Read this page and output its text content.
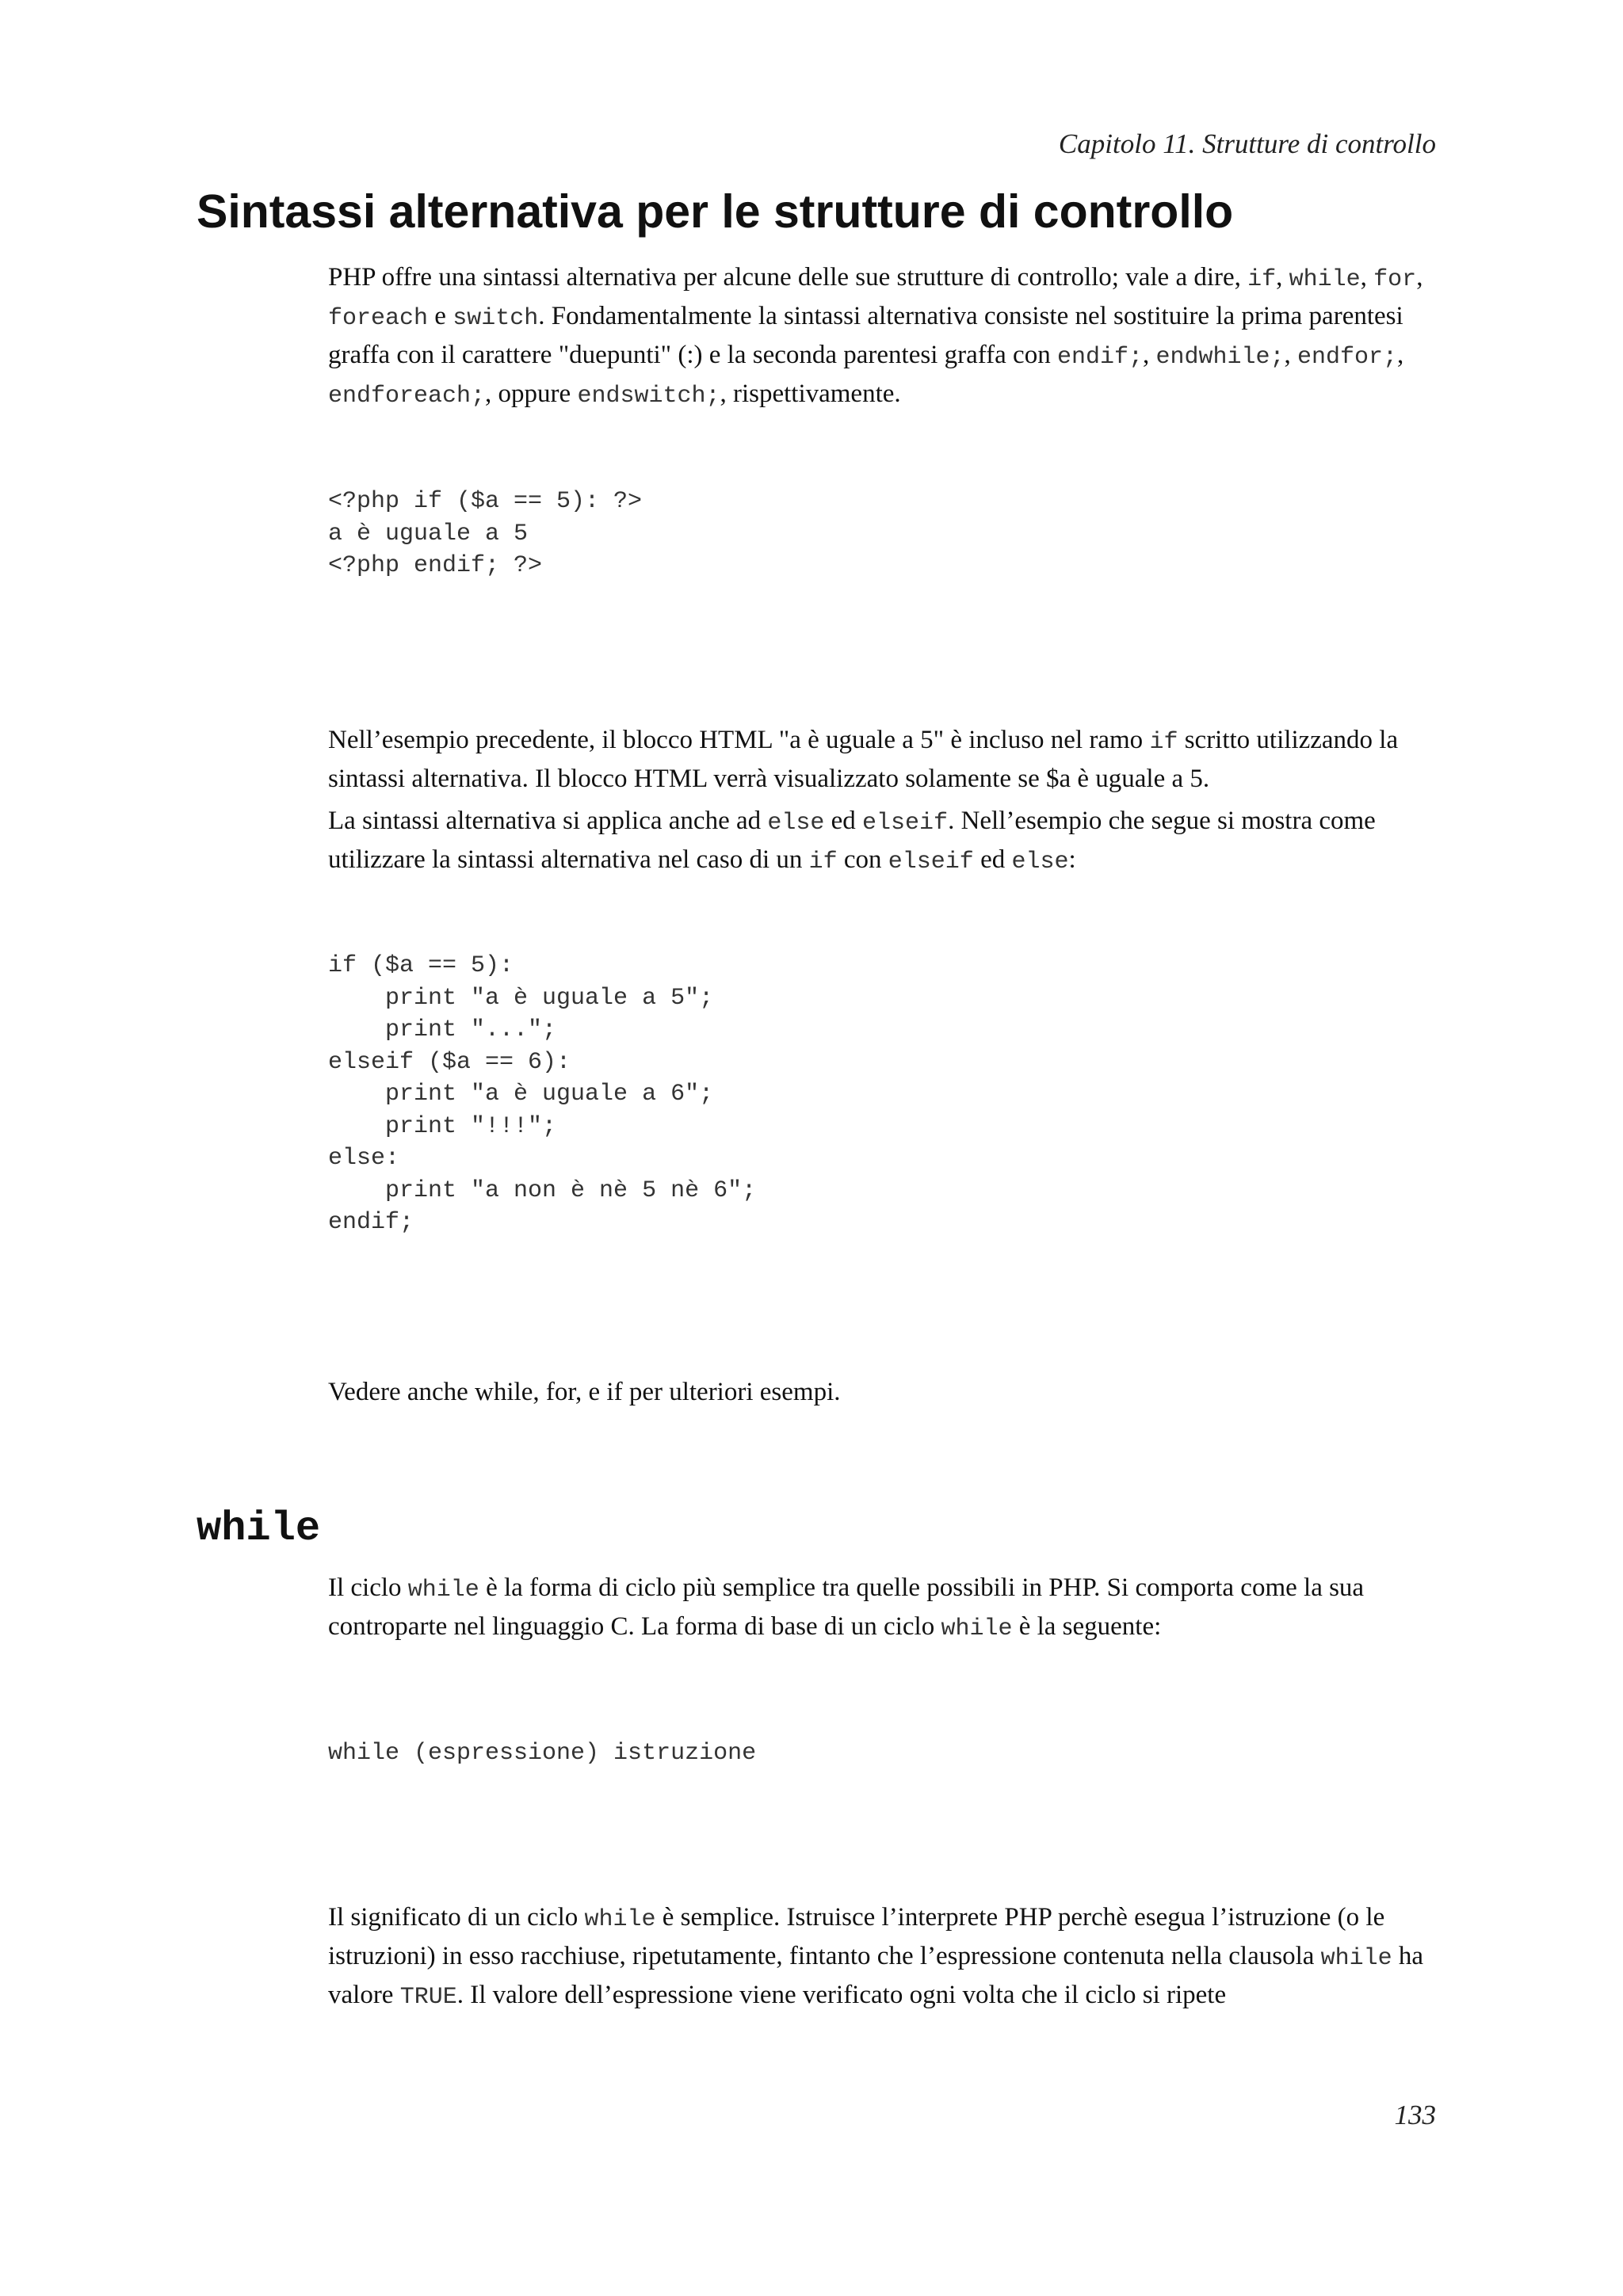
Capitolo 11. Strutture di controllo
Sintassi alternativa per le strutture di controllo

PHP offre una sintassi alternativa per alcune delle sue strutture di controllo; vale a dire, if, while, for, foreach e switch. Fondamentalmente la sintassi alternativa consiste nel sostituire la prima parentesi graffa con il carattere "duepunti" (:) e la seconda parentesi graffa con endif;, endwhile;, endfor;, endforeach;, oppure endswitch;, rispettivamente.

<?php if ($a == 5): ?>
a è uguale a 5
<?php endif; ?>

Nell’esempio precedente, il blocco HTML "a è uguale a 5" è incluso nel ramo if scritto utilizzando la sintassi alternativa. Il blocco HTML verrà visualizzato solamente se $a è uguale a 5.

La sintassi alternativa si applica anche ad else ed elseif. Nell’esempio che segue si mostra come utilizzare la sintassi alternativa nel caso di un if con elseif ed else:

if ($a == 5):
print "a è uguale a 5";
print "...";
elseif ($a == 6):
print "a è uguale a 6";
print "!!!";
else:
print "a non è nè 5 nè 6";
endif;

Vedere anche while, for, e if per ulteriori esempi.

while

Il ciclo while è la forma di ciclo più semplice tra quelle possibili in PHP. Si comporta come la sua controparte nel linguaggio C. La forma di base di un ciclo while è la seguente:

while (espressione) istruzione

Il significato di un ciclo while è semplice. Istruisce l’interprete PHP perchè esegua l’istruzione (o le istruzioni) in esso racchiuse, ripetutamente, fintanto che l’espressione contenuta nella clausola while ha valore TRUE. Il valore dell’espressione viene verificato ogni volta che il ciclo si ripete

133
